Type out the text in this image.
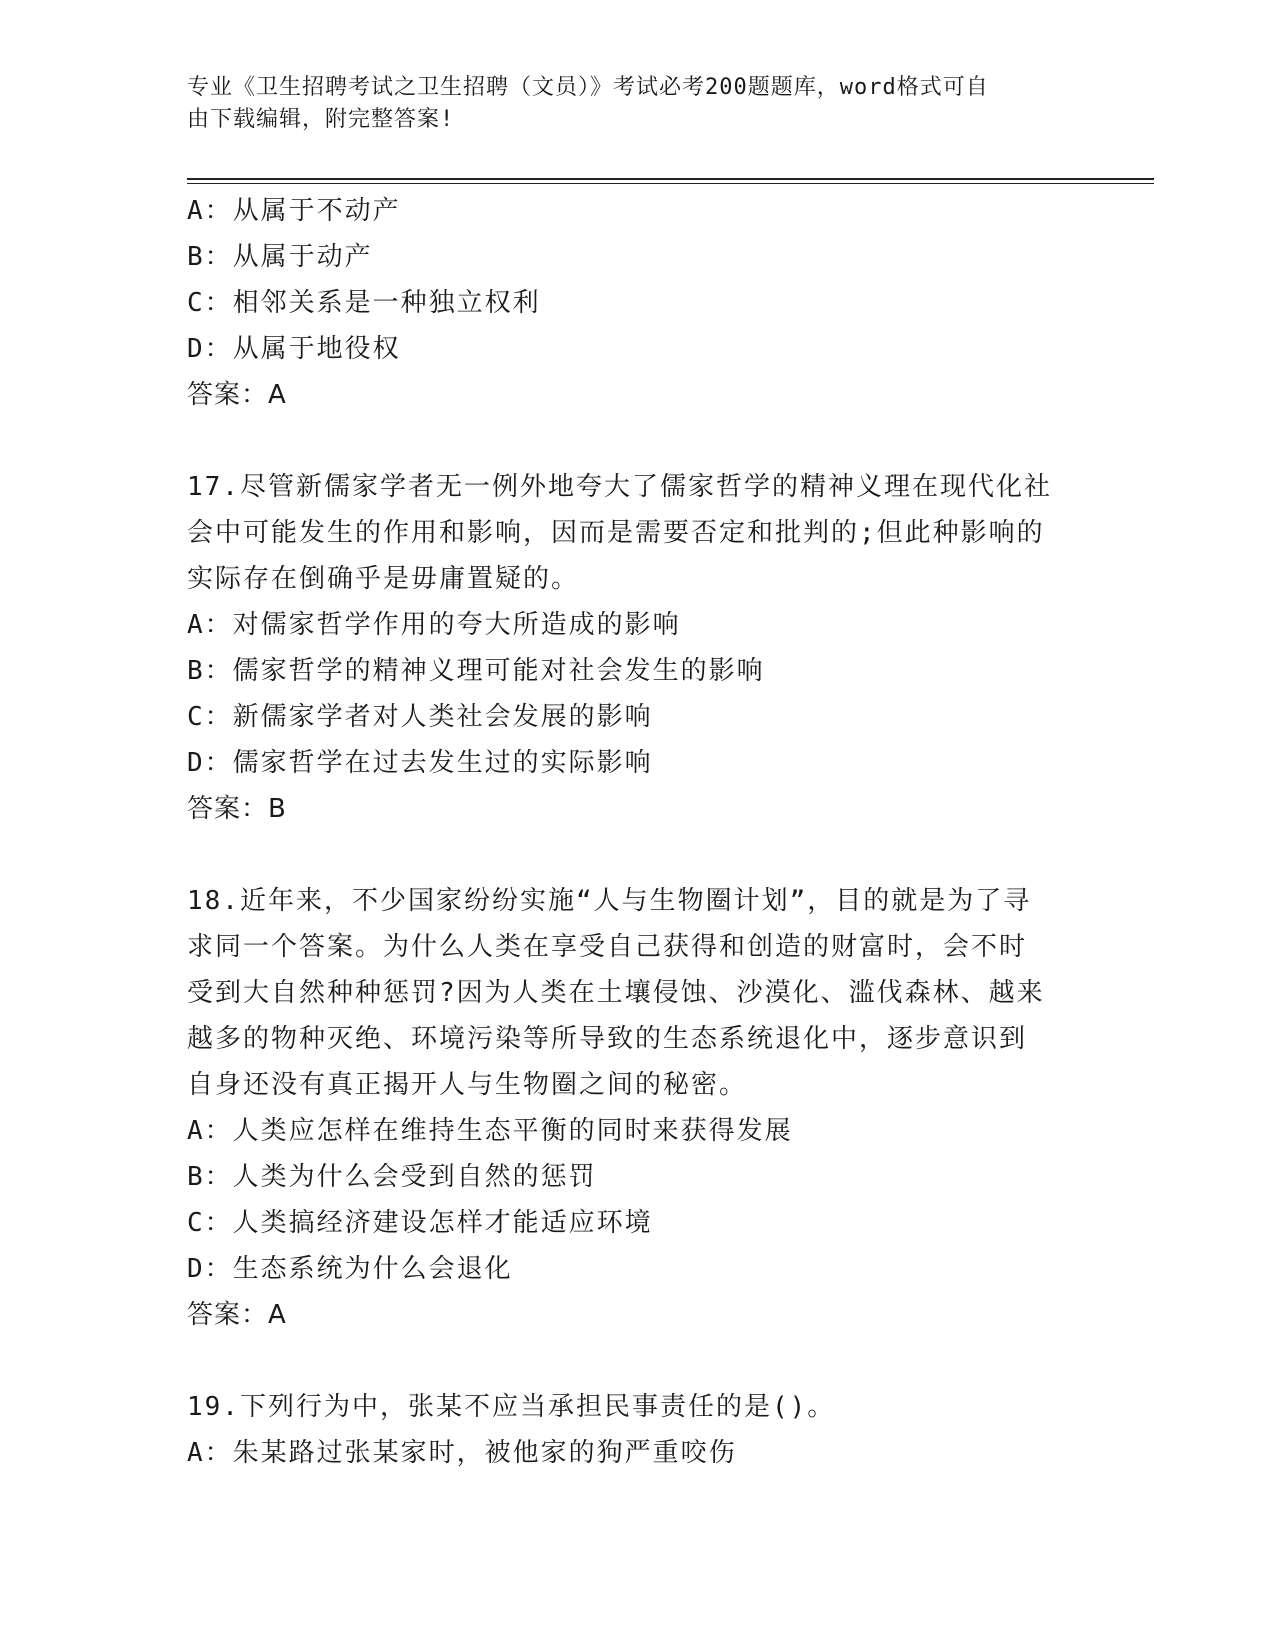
专业《卫生招聘考试之卫生招聘（文员）》考试必考200题题库，word格式可自
由下载编辑，附完整答案!
A：从属于不动产
B：从属于动产
C：相邻关系是一种独立权利
D：从属于地役权
答案：A
17.尽管新儒家学者无一例外地夸大了儒家哲学的精神义理在现代化社
会中可能发生的作用和影响，因而是需要否定和批判的;但此种影响的
实际存在倒确乎是毋庸置疑的。
A：对儒家哲学作用的夸大所造成的影响
B：儒家哲学的精神义理可能对社会发生的影响
C：新儒家学者对人类社会发展的影响
D：儒家哲学在过去发生过的实际影响
答案：B
18.近年来，不少国家纷纷实施“人与生物圈计划”，目的就是为了寻
求同一个答案。为什么人类在享受自己获得和创造的财富时，会不时
受到大自然种种惩罚?因为人类在土壤侵蚀、沙漠化、滥伐森林、越来
越多的物种灭绝、环境污染等所导致的生态系统退化中，逐步意识到
自身还没有真正揭开人与生物圈之间的秘密。
A：人类应怎样在维持生态平衡的同时来获得发展
B：人类为什么会受到自然的惩罚
C：人类搞经济建设怎样才能适应环境
D：生态系统为什么会退化
答案：A
19.下列行为中，张某不应当承担民事责任的是()。
A：朱某路过张某家时，被他家的狗严重咬伤
